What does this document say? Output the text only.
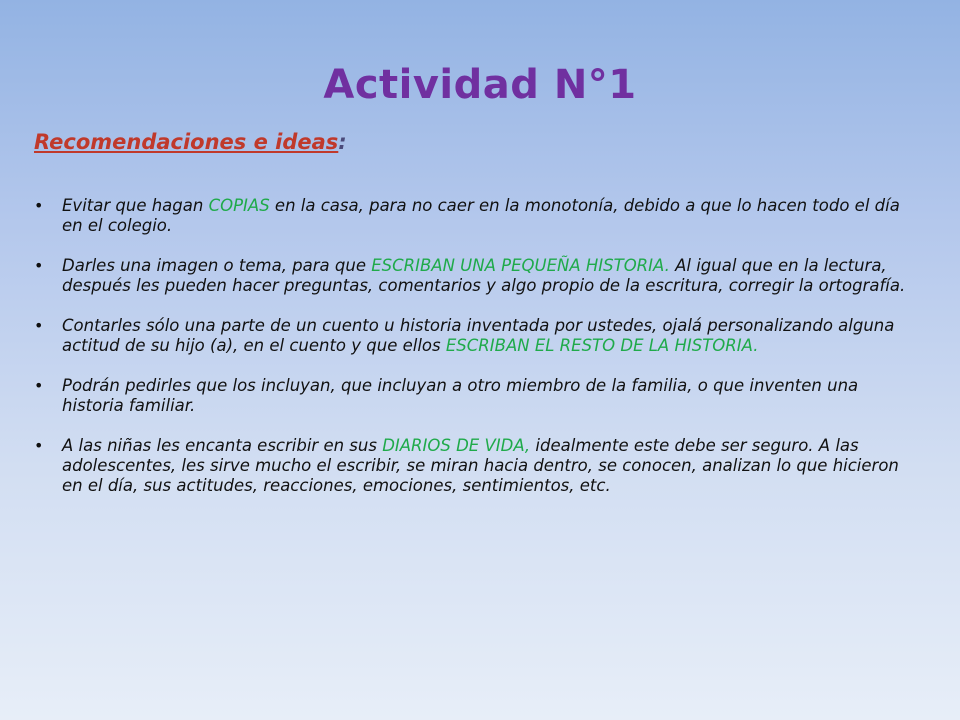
Actividad N°1
Recomendaciones e ideas:
• Evitar que hagan COPIAS en la casa, para no caer en la monotonía, debido a que lo hacen todo el día en el colegio.
• Darles una imagen o tema, para que ESCRIBAN UNA PEQUEÑA HISTORIA. Al igual que en la lectura, después les pueden hacer preguntas, comentarios y algo propio de la escritura, corregir la ortografía.
• Contarles sólo una parte de un cuento u historia inventada por ustedes, ojalá personalizando alguna actitud de su hijo (a), en el cuento y que ellos ESCRIBAN EL RESTO DE LA HISTORIA.
• Podrán pedirles que los incluyan, que incluyan a otro miembro de la familia, o que inventen una historia familiar.
• A las niñas les encanta escribir en sus DIARIOS DE VIDA, idealmente este debe ser seguro. A las adolescentes, les sirve mucho el escribir, se miran hacia dentro, se conocen, analizan lo que hicieron en el día, sus actitudes, reacciones, emociones, sentimientos, etc.
